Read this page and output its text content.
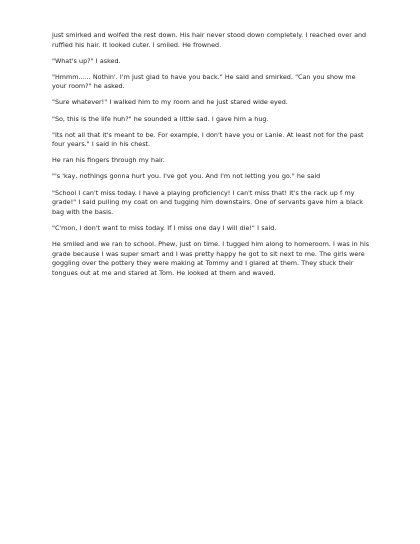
just smirked and wolfed the rest down. His hair never stood down completely. I reached over and ruffled his hair. It looked cuter. I smiled. He frowned.

"What's up?" I asked.

"Hmmm...... Nothin'. I'm just glad to have you back." He said and smirked. "Can you show me your room?" he asked.

"Sure whatever!" I walked him to my room and he just stared wide eyed.

"So, this is the life huh?" he sounded a little sad. I gave him a hug.

"Its not all that it's meant to be. For example, I don't have you or Lanie. At least not for the past four years." I said in his chest.

He ran his fingers through my hair.

"'s 'kay, nothings gonna hurt you. I've got you. And I'm not letting you go." he said

"School I can't miss today. I have a playing proficiency! I can't miss that! It's the rack up f my grade!" I said pulling my coat on and tugging him downstairs. One of servants gave him a black bag with the basis.

"C'mon, I don't want to miss today. If I miss one day I will die!" I said.

He smiled and we ran to school. Phew, just on time. I tugged him along to homeroom. I was in his grade because I was super smart and I was pretty happy he got to sit next to me. The girls were goggling over the pottery they were making at Tommy and I glared at them. They stuck their tongues out at me and stared at Tom. He looked at them and waved.
